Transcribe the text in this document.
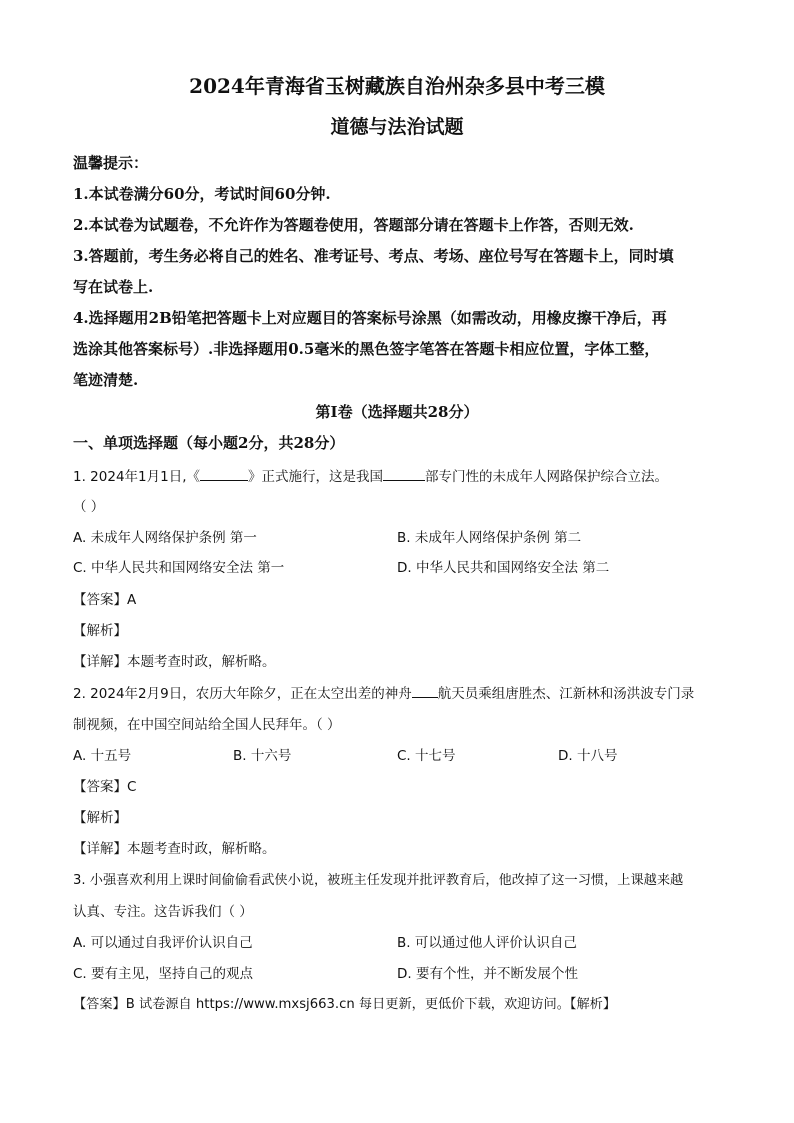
2024年青海省玉树藏族自治州杂多县中考三模
道德与法治试题
温馨提示：
1.本试卷满分60分，考试时间60分钟.
2.本试卷为试题卷，不允许作为答题卷使用，答题部分请在答题卡上作答，否则无效.
3.答题前，考生务必将自己的姓名、准考证号、考点、考场、座位号写在答题卡上，同时填
写在试卷上.
4.选择题用2B铅笔把答题卡上对应题目的答案标号涂黑（如需改动，用橡皮擦干净后，再
选涂其他答案标号）.非选择题用0.5毫米的黑色签字笔答在答题卡相应位置，字体工整，
笔迹清楚.
第Ⅰ卷（选择题共28分）
一、单项选择题（每小题2分，共28分）
1. 2024年1月1日,《	》正式施行，这是我国	部专门性的未成年人网路保护综合立法。
（ ）
A. 未成年人网络保护条例 第一	B. 未成年人网络保护条例 第二
C. 中华人民共和国网络安全法 第一	D. 中华人民共和国网络安全法 第二
【答案】A
【解析】
【详解】本题考查时政，解析略。
2. 2024年2月9日，农历大年除夕，正在太空出差的神舟 航天员乘组唐胜杰、江新林和汤洪波专门录
制视频，在中国空间站给全国人民拜年。（ ）
A. 十五号	B. 十六号	C. 十七号	D. 十八号
【答案】C
【解析】
【详解】本题考查时政，解析略。
3. 小强喜欢利用上课时间偷偷看武侠小说，被班主任发现并批评教育后，他改掉了这一习惯，上课越来越
认真、专注。这告诉我们（ ）
A. 可以通过自我评价认识自己	B. 可以通过他人评价认识自己
C. 要有主见，坚持自己的观点	D. 要有个性，并不断发展个性
【答案】B 试卷源自 https://www.mxsj663.cn 每日更新，更低价下载，欢迎访问。【解析】
